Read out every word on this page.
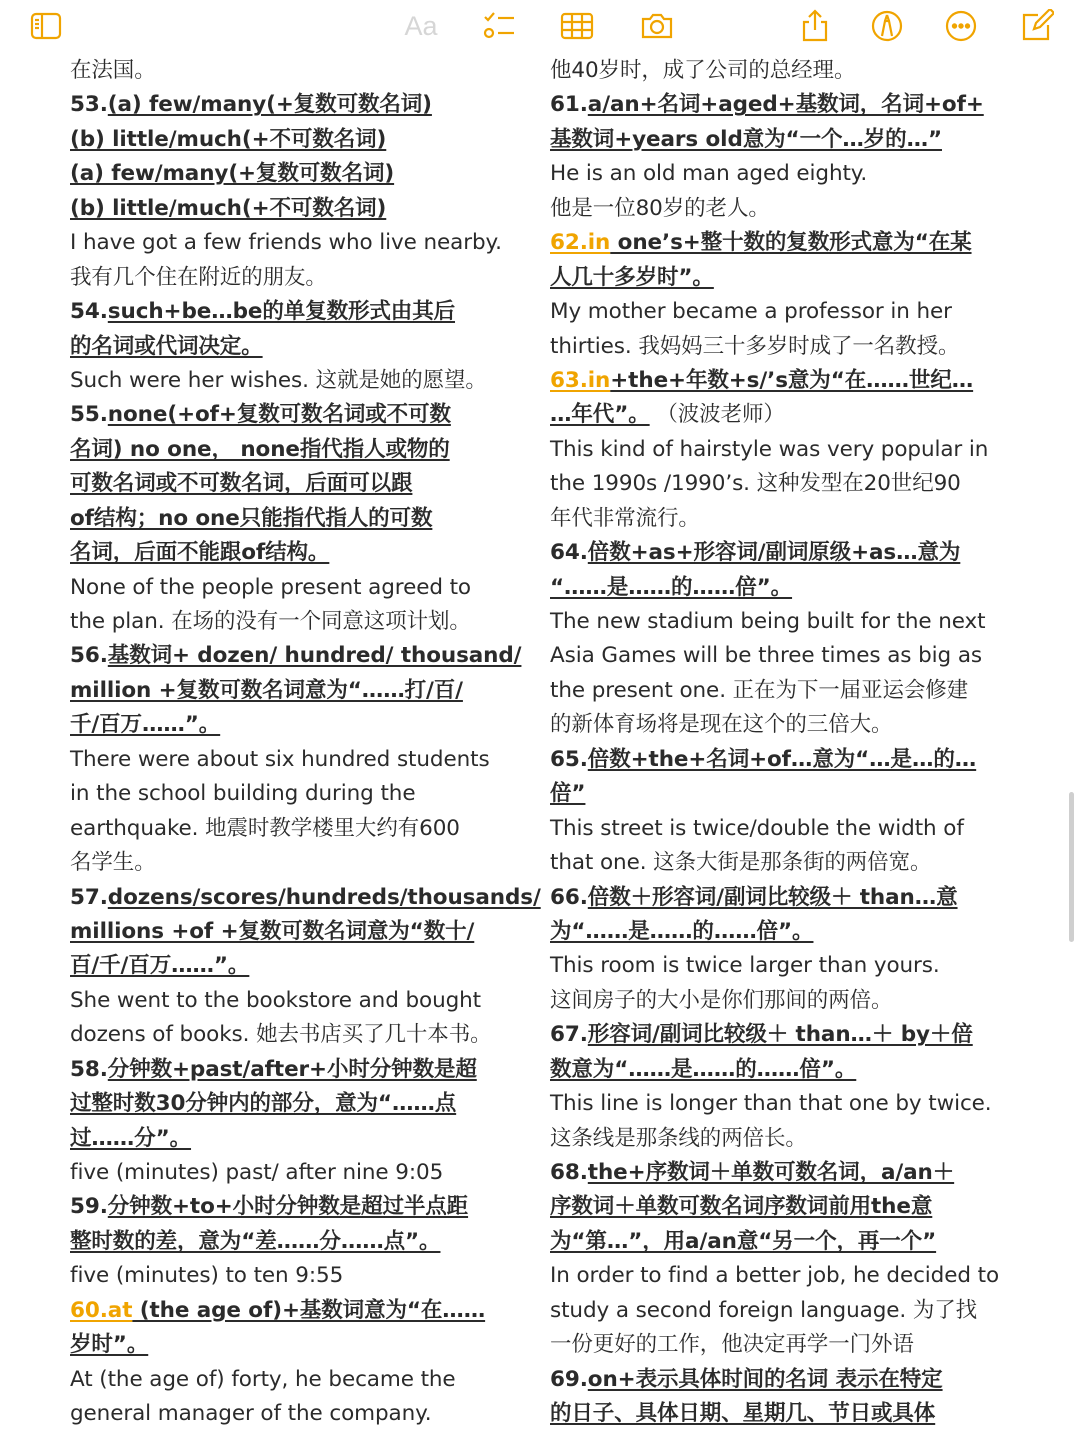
Aa
在法国。
53.(a) few/many(+复数可数名词)
(b) little/much(+不可数名词)
(a) few/many(+复数可数名词)
(b) little/much(+不可数名词)
I have got a few friends who live nearby.
我有几个住在附近的朋友。
54.such+be…be的单复数形式由其后
的名词或代词决定。
Such were her wishes. 这就是她的愿望。
55.none(+of+复数可数名词或不可数
名词) no one， none指代指人或物的
可数名词或不可数名词，后面可以跟
of结构；no one只能指代指人的可数
名词，后面不能跟of结构。
None of the people present agreed to
the plan. 在场的没有一个同意这项计划。
56.基数词+ dozen/ hundred/ thousand/
million +复数可数名词意为“……打/百/
千/百万……”。
There were about six hundred students
in the school building during the
earthquake. 地震时教学楼里大约有600
名学生。
57.dozens/scores/hundreds/thousands/
millions +of +复数可数名词意为“数十/
百/千/百万……”。
She went to the bookstore and bought
dozens of books. 她去书店买了几十本书。
58.分钟数+past/after+小时分钟数是超
过整时数30分钟内的部分，意为“……点
过……分”。
five (minutes) past/ after nine 9:05
59.分钟数+to+小时分钟数是超过半点距
整时数的差，意为“差……分……点”。
five (minutes) to ten 9:55
60.at (the age of)+基数词意为“在……
岁时”。
At (the age of) forty, he became the
general manager of the company.
他40岁时，成了公司的总经理。
61.a/an+名词+aged+基数词，名词+of+
基数词+years old意为“一个…岁的…”
He is an old man aged eighty.
他是一位80岁的老人。
62.in one’s+整十数的复数形式意为“在某
人几十多岁时”。
My mother became a professor in her
thirties. 我妈妈三十多岁时成了一名教授。
63.in+the+年数+s/’s意为“在……世纪…
…年代”。 （波波老师）
This kind of hairstyle was very popular in
the 1990s /1990’s. 这种发型在20世纪90
年代非常流行。
64.倍数+as+形容词/副词原级+as…意为
“……是……的……倍”。
The new stadium being built for the next
Asia Games will be three times as big as
the present one. 正在为下一届亚运会修建
的新体育场将是现在这个的三倍大。
65.倍数+the+名词+of…意为“…是…的…
倍”
This street is twice/double the width of
that one. 这条大街是那条街的两倍宽。
66.倍数＋形容词/副词比较级＋ than…意
为“……是……的……倍”。
This room is twice larger than yours.
这间房子的大小是你们那间的两倍。
67.形容词/副词比较级＋ than…＋ by＋倍
数意为“……是……的……倍”。
This line is longer than that one by twice.
这条线是那条线的两倍长。
68.the+序数词＋单数可数名词，a/an＋
序数词＋单数可数名词序数词前用the意
为“第…”，用a/an意“另一个，再一个”
In order to find a better job, he decided to
study a second foreign language. 为了找
一份更好的工作，他决定再学一门外语
69.on+表示具体时间的名词 表示在特定
的日子、具体日期、星期几、节日或具体
